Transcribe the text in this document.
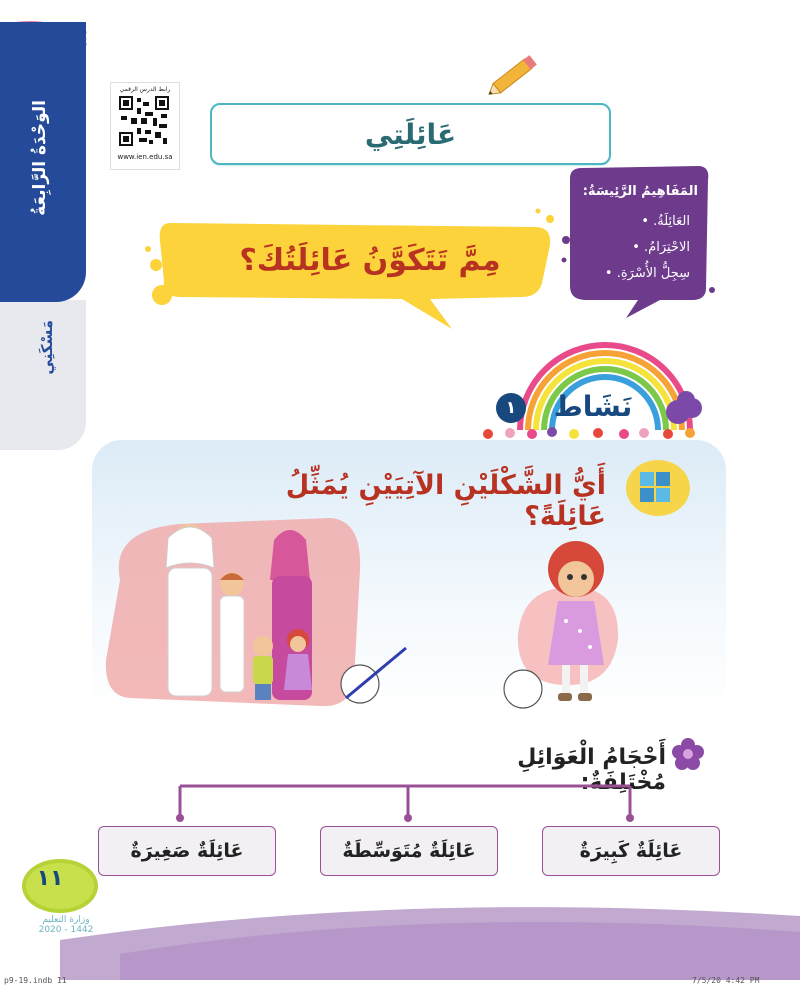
الوَحْدَةُ الرَّابِعَةُ
مَسْكَنِي
رابط الدرس الرقمي
www.ien.edu.sa
عَائِلَتِي
مِمَّ تَتَكَوَّنُ عَائِلَتُكَ؟
المَفَاهِيمُ الرَّئِيسَةُ:
العَائِلَةُ. •
الاحْتِرَامُ. •
سِجِلُّ الأُسْرَةِ. •
١	نَشَاط
أَيُّ الشَّكْلَيْنِ الآتِيَيْنِ يُمَثِّلُ عَائِلَةً؟
أَحْجَامُ الْعَوَائِلِ مُخْتَلِفَةٌ:
عَائِلَةٌ كَبِيرَةٌ
عَائِلَةٌ مُتَوَسِّطَةٌ
عَائِلَةٌ صَغِيرَةٌ
١١
وزارة التعليم
2020 - 1442
p9-19.indb 11	7/5/20 4:42 PM
